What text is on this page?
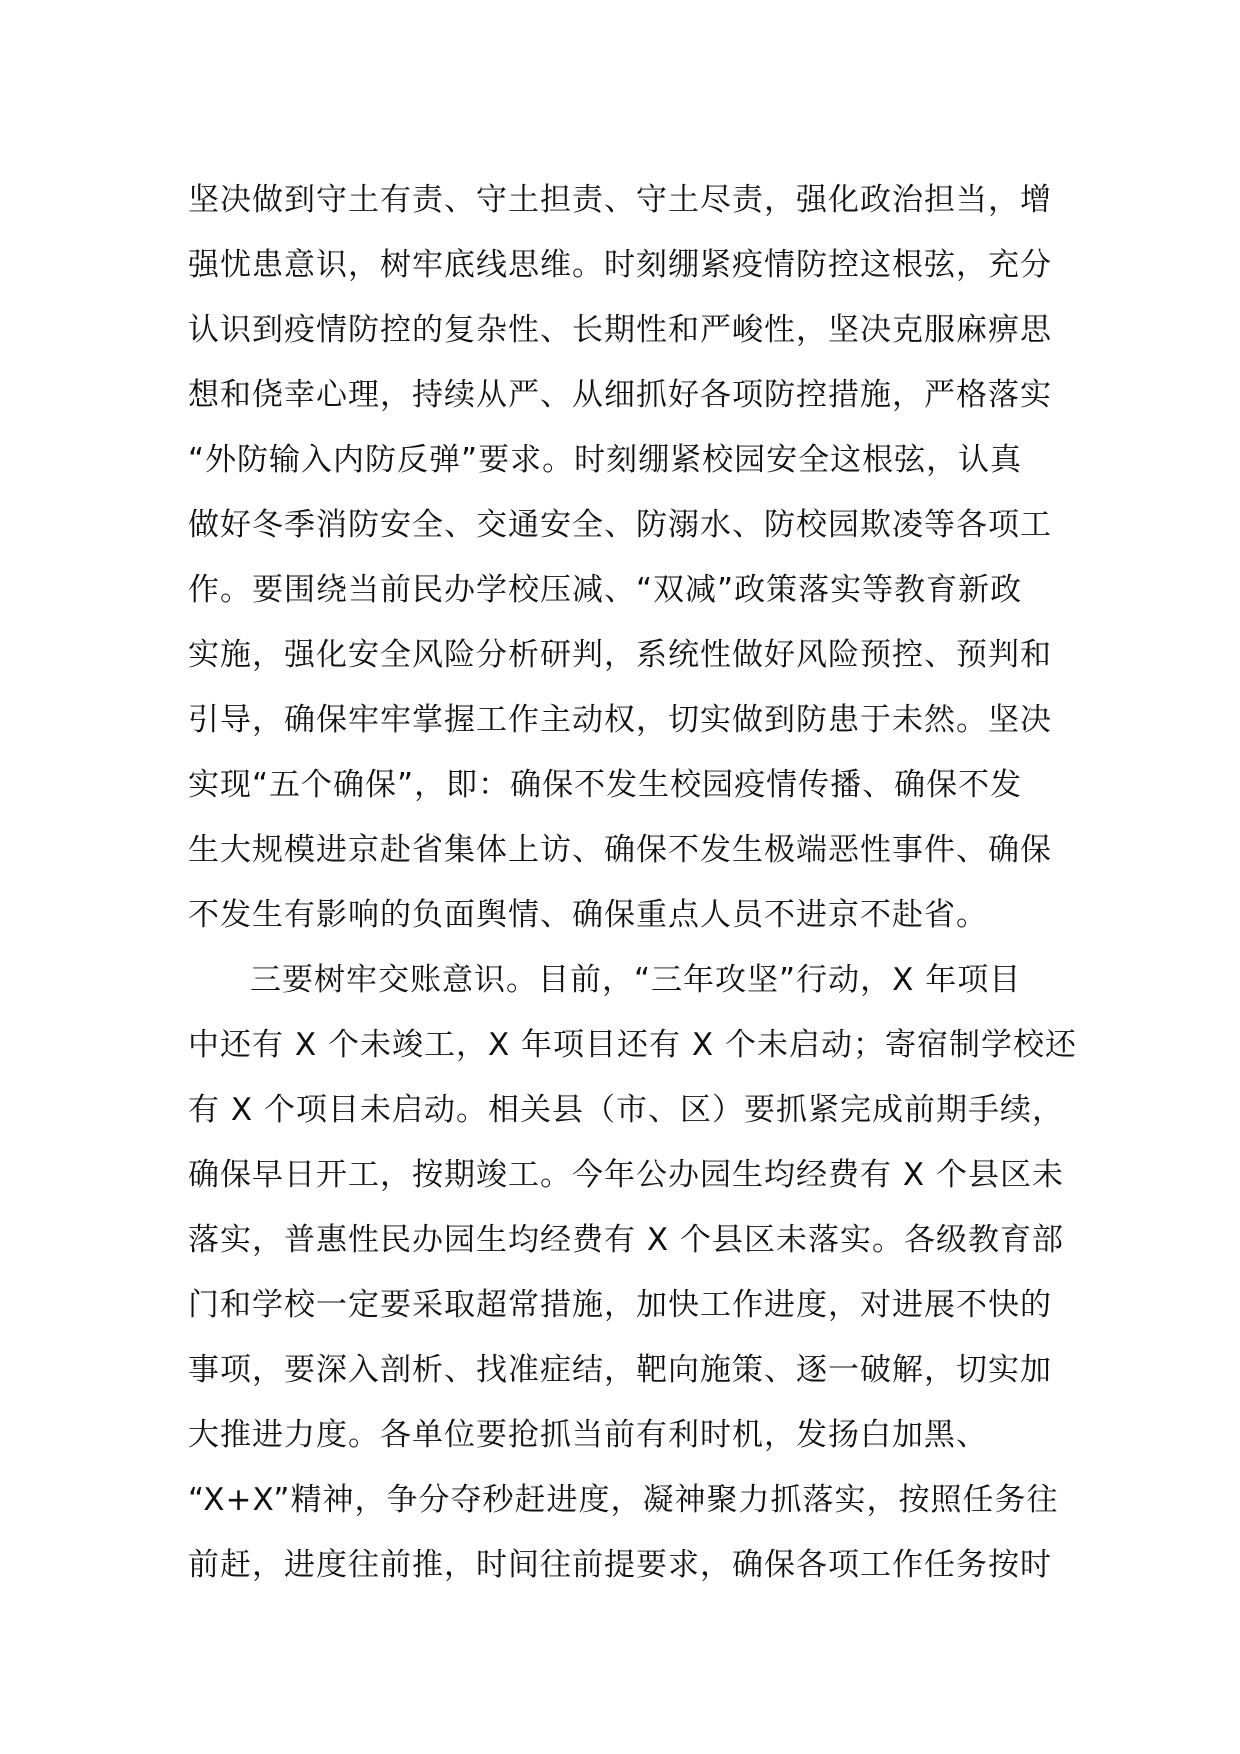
坚决做到守土有责、守土担责、守土尽责，强化政治担当，增
强忧患意识，树牢底线思维。时刻绷紧疫情防控这根弦，充分
认识到疫情防控的复杂性、长期性和严峻性，坚决克服麻痹思
想和侥幸心理，持续从严、从细抓好各项防控措施，严格落实
“外防输入内防反弹”要求。时刻绷紧校园安全这根弦，认真
做好冬季消防安全、交通安全、防溺水、防校园欺凌等各项工
作。要围绕当前民办学校压减、“双减”政策落实等教育新政
实施，强化安全风险分析研判，系统性做好风险预控、预判和
引导，确保牢牢掌握工作主动权，切实做到防患于未然。坚决
实现“五个确保”，即：确保不发生校园疫情传播、确保不发
生大规模进京赴省集体上访、确保不发生极端恶性事件、确保
不发生有影响的负面舆情、确保重点人员不进京不赴省。
三要树牢交账意识。目前，“三年攻坚”行动，X 年项目
中还有 X 个未竣工，X 年项目还有 X 个未启动；寄宿制学校还
有 X 个项目未启动。相关县（市、区）要抓紧完成前期手续，
确保早日开工，按期竣工。今年公办园生均经费有 X 个县区未
落实，普惠性民办园生均经费有 X 个县区未落实。各级教育部
门和学校一定要采取超常措施，加快工作进度，对进展不快的
事项，要深入剖析、找准症结，靶向施策、逐一破解，切实加
大推进力度。各单位要抢抓当前有利时机，发扬白加黑、
“X+X”精神，争分夺秒赶进度，凝神聚力抓落实，按照任务往
前赶，进度往前推，时间往前提要求，确保各项工作任务按时
